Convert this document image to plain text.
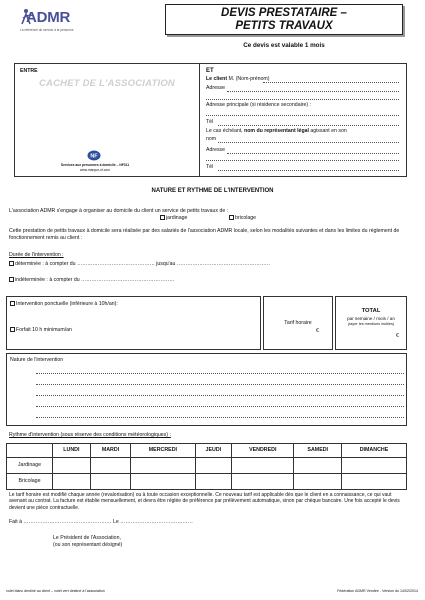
ADMR
La référence du service à la personne
DEVIS PRESTATAIRE –
PETITS TRAVAUX
Ce devis est valable 1 mois
ENTRE
CACHET DE L'ASSOCIATION
NF
Services aux personnes à domicile – NF311
www.marque-nf.com
ET
Le client M. (Nom-prénom)
Adresse
Adresse principale (si résidence secondaire) :
Tél
Le cas échéant, nom du représentant légal agissant en son
nom
Adresse
Tél
NATURE ET RYTHME DE L'INTERVENTION
L'association ADMR s'engage à organiser au domicile du client un service de petits travaux de :
jardinage	bricolage
Cette prestation de petits travaux à domicile sera réalisée par des salariés de l'association ADMR locale, selon les modalités suivantes et dans les limites du règlement de fonctionnement remis au client :
Durée de l'intervention :
déterminée : à compter du ……………………………………… jusqu'au ………………………………………………
indéterminée : à compter du ………………………………………………
Intervention ponctuelle (inférieure à 10h/an):
Forfait 10 h minimum/an
Tarif horaire
€
TOTAL
par semaine / mois / an
(rayer les mentions inutiles)
€
Nature de l'intervention
Rythme d'intervention (sous réserve des conditions météorologiques) :
	LUNDI	MARDI	MERCREDI	JEUDI	VENDREDI	SAMEDI	DIMANCHE
Jardinage							
Bricolage							
Le tarif horaire est modifié chaque année (revalorisation) ou à toute occasion exceptionnelle. Ce nouveau tarif est applicable dès que le client en a connaissance, ce qui vaut avenant au contrat. La facture est établie mensuellement, et devra être réglée de préférence par prélèvement automatique, sinon par chèque bancaire. Une fois accepté le devis devient une pièce contractuelle.
Fait à …………………………………………… Le ……………………………………
Le Président de l'Association,
(ou son représentant désigné)
volet blanc destiné au client – volet vert destiné à l'association	Fédération ADMR Vendée - Version du 14/02/2014
